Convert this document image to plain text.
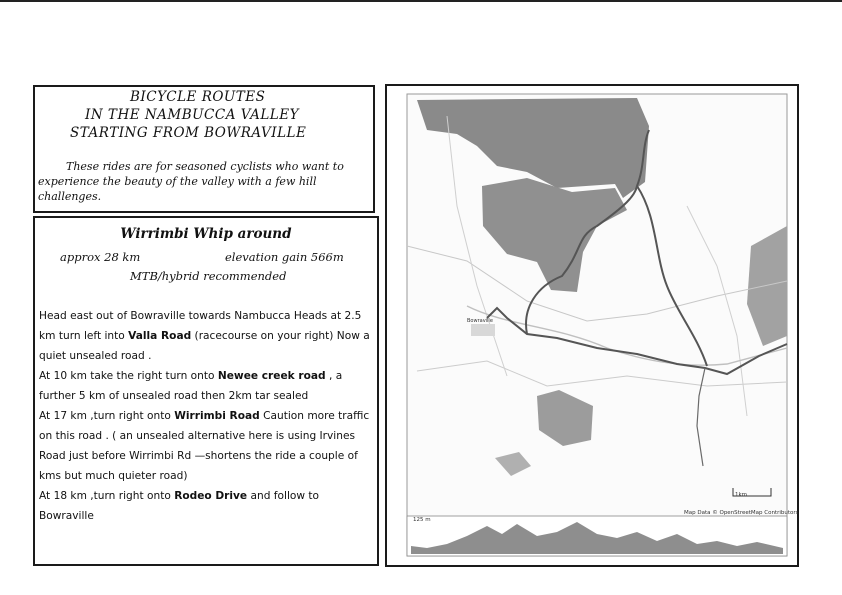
BICYCLE ROUTES
IN THE NAMBUCCA VALLEY
STARTING FROM BOWRAVILLE
These rides are for seasoned cyclists who want to experience the beauty of the valley with a few hill challenges.
Wirrimbi Whip around
approx 28 km	elevation gain 566m
MTB/hybrid recommended

Head east out of Bowraville towards Nambucca Heads at 2.5 km turn left into Valla Road (racecourse on your right) Now a quiet unsealed road .

At 10 km take the right turn onto Newee creek road , a further 5 km of unsealed road then 2km tar sealed

At 17 km ,turn right onto Wirrimbi Road Caution more traffic on this road . ( an unsealed alternative here is using Irvines Road just before Wirrimbi Rd —shortens the ride a couple of kms but much quieter road)

At 18 km ,turn right onto Rodeo Drive and follow to Bowraville

Bowraville
1km
Map Data © OpenStreetMap Contributors
125 m
